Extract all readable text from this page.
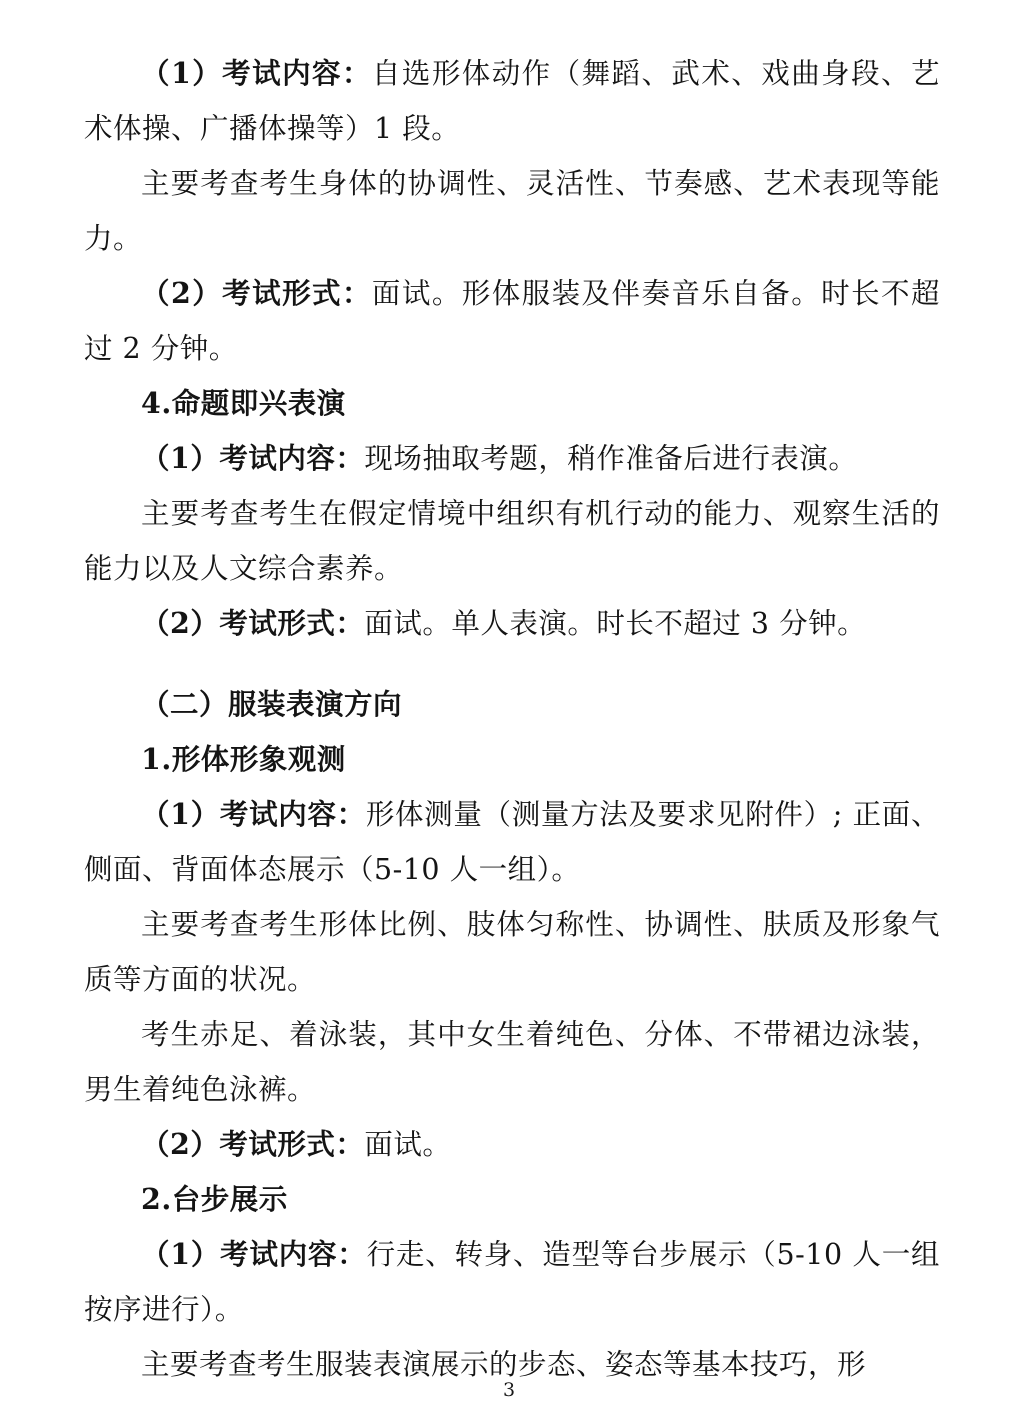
（1）考试内容：自选形体动作（舞蹈、武术、戏曲身段、艺术体操、广播体操等）1 段。

主要考查考生身体的协调性、灵活性、节奏感、艺术表现等能力。

（2）考试形式：面试。形体服装及伴奏音乐自备。时长不超过 2 分钟。

4.命题即兴表演

（1）考试内容：现场抽取考题，稍作准备后进行表演。

主要考查考生在假定情境中组织有机行动的能力、观察生活的能力以及人文综合素养。

（2）考试形式：面试。单人表演。时长不超过 3 分钟。

（二）服装表演方向

1.形体形象观测

（1）考试内容：形体测量（测量方法及要求见附件）; 正面、侧面、背面体态展示（5-10 人一组）。

主要考查考生形体比例、肢体匀称性、协调性、肤质及形象气质等方面的状况。

考生赤足、着泳装，其中女生着纯色、分体、不带裙边泳装，男生着纯色泳裤。

（2）考试形式：面试。

2.台步展示

（1）考试内容：行走、转身、造型等台步展示（5-10 人一组按序进行）。

主要考查考生服装表演展示的步态、姿态等基本技巧，形

3
